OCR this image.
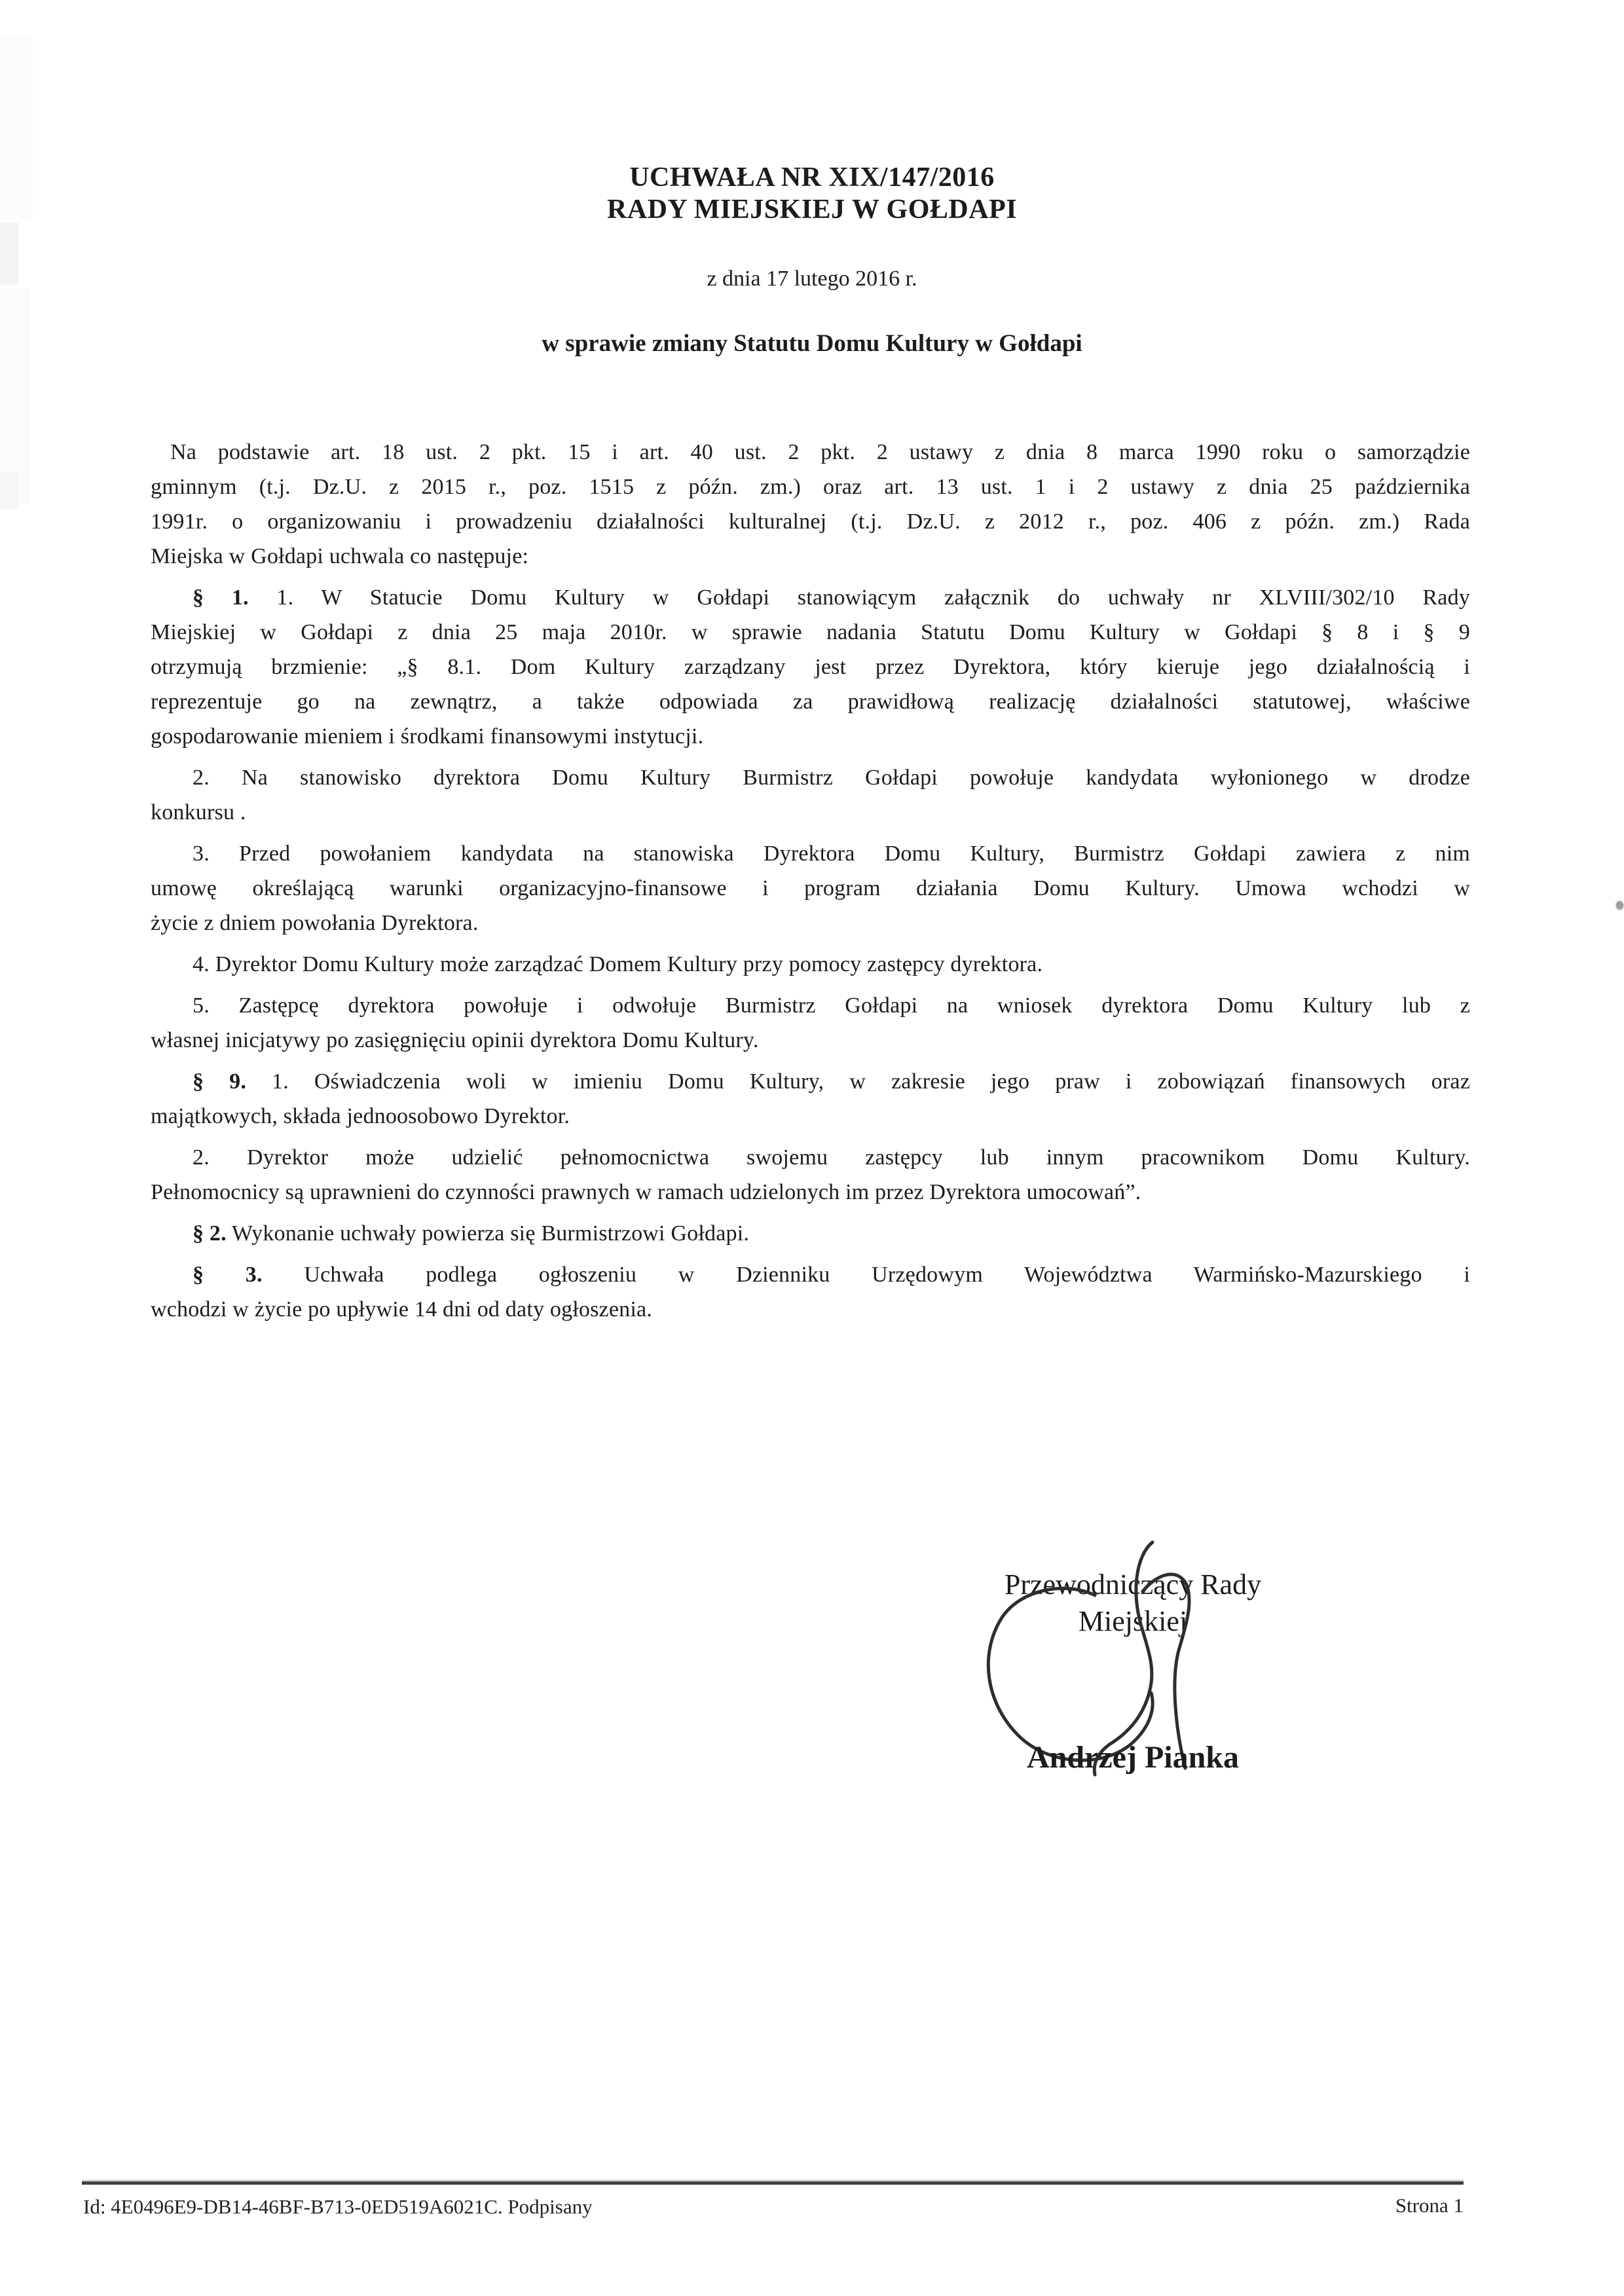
UCHWAŁA NR XIX/147/2016
RADY MIEJSKIEJ W GOŁDAPI
z dnia 17 lutego 2016 r.
w sprawie zmiany Statutu Domu Kultury w Gołdapi
Na podstawie art. 18 ust. 2 pkt. 15 i art. 40 ust. 2 pkt. 2 ustawy z dnia 8 marca 1990 roku o samorządzie
gminnym (t.j. Dz.U. z 2015 r., poz. 1515 z późn. zm.) oraz art. 13 ust. 1 i 2 ustawy z dnia 25 października
1991r. o organizowaniu i prowadzeniu działalności kulturalnej (t.j. Dz.U. z 2012 r., poz. 406 z późn. zm.) Rada
Miejska w Gołdapi uchwala co następuje:
§ 1. 1. W Statucie Domu Kultury w Gołdapi stanowiącym załącznik do uchwały nr XLVIII/302/10 Rady
Miejskiej w Gołdapi z dnia 25 maja 2010r. w sprawie nadania Statutu Domu Kultury w Gołdapi § 8 i § 9
otrzymują brzmienie: „§ 8.1. Dom Kultury zarządzany jest przez Dyrektora, który kieruje jego działalnością i
reprezentuje go na zewnątrz, a także odpowiada za prawidłową realizację działalności statutowej, właściwe
gospodarowanie mieniem i środkami finansowymi instytucji.
2. Na stanowisko dyrektora Domu Kultury Burmistrz Gołdapi powołuje kandydata wyłonionego w drodze
konkursu .
3. Przed powołaniem kandydata na stanowiska Dyrektora Domu Kultury, Burmistrz Gołdapi zawiera z nim
umowę określającą warunki organizacyjno-finansowe i program działania Domu Kultury. Umowa wchodzi w
życie z dniem powołania Dyrektora.
4. Dyrektor Domu Kultury może zarządzać Domem Kultury przy pomocy zastępcy dyrektora.
5. Zastępcę dyrektora powołuje i odwołuje Burmistrz Gołdapi na wniosek dyrektora Domu Kultury lub z
własnej inicjatywy po zasięgnięciu opinii dyrektora Domu Kultury.
§ 9. 1. Oświadczenia woli w imieniu Domu Kultury, w zakresie jego praw i zobowiązań finansowych oraz
majątkowych, składa jednoosobowo Dyrektor.
2. Dyrektor może udzielić pełnomocnictwa swojemu zastępcy lub innym pracownikom Domu Kultury.
Pełnomocnicy są uprawnieni do czynności prawnych w ramach udzielonych im przez Dyrektora umocowań”.
§ 2. Wykonanie uchwały powierza się Burmistrzowi Gołdapi.
§ 3. Uchwała podlega ogłoszeniu w Dzienniku Urzędowym Województwa Warmińsko-Mazurskiego i
wchodzi w życie po upływie 14 dni od daty ogłoszenia.
Przewodniczący Rady
Miejskiej
Andrzej Pianka
Id: 4E0496E9-DB14-46BF-B713-0ED519A6021C. Podpisany	Strona 1
